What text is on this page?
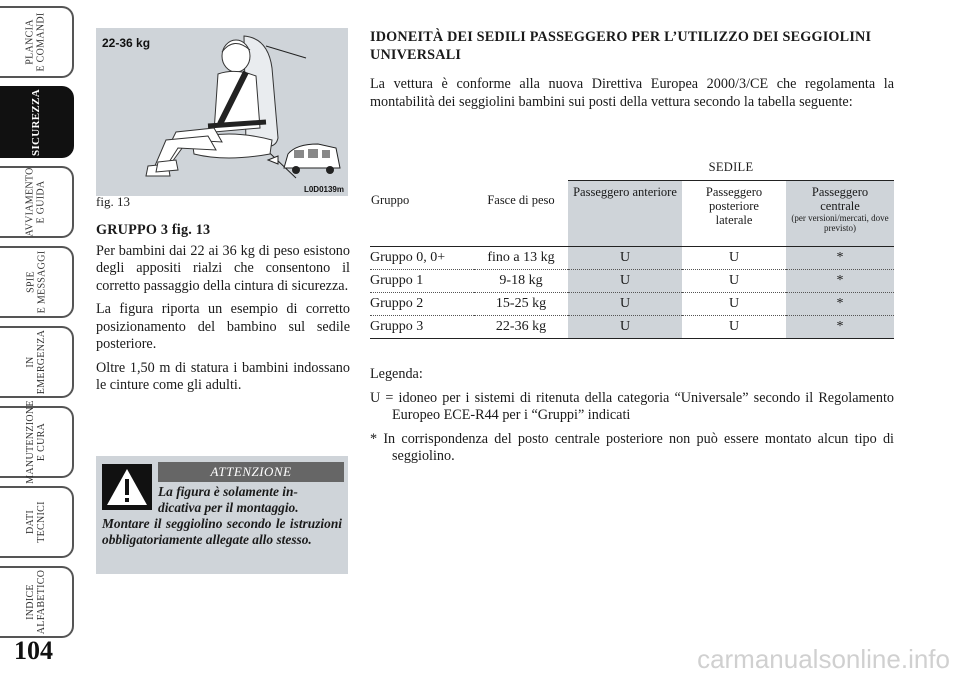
PLANCIA
E COMANDI
SICUREZZA
AVVIAMENTO
E GUIDA
SPIE
E MESSAGGI
IN
EMERGENZA
MANUTENZIONE
E CURA
DATI
TECNICI
INDICE
ALFABETICO
104	carmanualsonline.info
22-36 kg
L0D0139m
fig. 13
GRUPPO 3 fig. 13

Per bambini dai 22 ai 36 kg di peso esistono degli appositi rialzi che consentono il corretto passaggio della cintura di sicurezza.

La figura riporta un esempio di corretto posizionamento del bambino sul sedile posteriore.

Oltre 1,50 m di statura i bambini indossano le cinture come gli adulti.

ATTENZIONE
La figura è solamente in-
dicativa per il montaggio.
Montare il seggiolino secondo le istruzioni obbligatoriamente allegate allo stesso.
IDONEITÀ DEI SEDILI PASSEGGERO PER L’UTILIZZO DEI SEGGIOLINI UNIVERSALI

La vettura è conforme alla nuova Direttiva Europea 2000/3/CE che regolamenta la montabilità dei seggiolini bambini sui posti della vettura secondo la tabella seguente:

Gruppo	Fasce di peso	SEDILE		
		Passeggero anteriore	Passeggero
posteriore
laterale	Passeggero
centrale
(per versioni/mercati, dove previsto)

Gruppo 0, 0+	fino a 13 kg	U	U	*
Gruppo 1	9-18 kg	U	U	*
Gruppo 2	15-25 kg	U	U	*
Gruppo 3	22-36 kg	U	U	*

Legenda:

U = idoneo per i sistemi di ritenuta della categoria “Universale” secondo il Regolamento Europeo ECE-R44 per i “Gruppi” indicati

* In corrispondenza del posto centrale posteriore non può essere montato alcun tipo di seggiolino.
